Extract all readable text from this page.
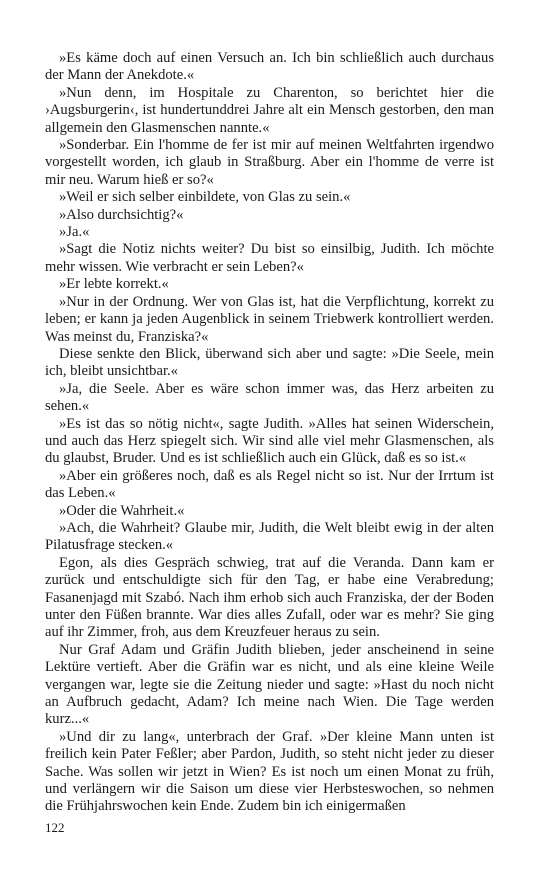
»Es käme doch auf einen Versuch an. Ich bin schließlich auch durchaus der Mann der Anekdote.«

»Nun denn, im Hospitale zu Charenton, so berichtet hier die ›Augsburgerin‹, ist hundertunddrei Jahre alt ein Mensch gestorben, den man allgemein den Glasmenschen nannte.«

»Sonderbar. Ein l'homme de fer ist mir auf meinen Weltfahrten irgendwo vorgestellt worden, ich glaub in Straßburg. Aber ein l'homme de verre ist mir neu. Warum hieß er so?«

»Weil er sich selber einbildete, von Glas zu sein.«

»Also durchsichtig?«

»Ja.«

»Sagt die Notiz nichts weiter? Du bist so einsilbig, Judith. Ich möchte mehr wissen. Wie verbracht er sein Leben?«

»Er lebte korrekt.«

»Nur in der Ordnung. Wer von Glas ist, hat die Verpflichtung, korrekt zu leben; er kann ja jeden Augenblick in seinem Triebwerk kontrolliert werden. Was meinst du, Franziska?«

Diese senkte den Blick, überwand sich aber und sagte: »Die Seele, mein ich, bleibt unsichtbar.«

»Ja, die Seele. Aber es wäre schon immer was, das Herz arbeiten zu sehen.«

»Es ist das so nötig nicht«, sagte Judith. »Alles hat seinen Widerschein, und auch das Herz spiegelt sich. Wir sind alle viel mehr Glasmenschen, als du glaubst, Bruder. Und es ist schließlich auch ein Glück, daß es so ist.«

»Aber ein größeres noch, daß es als Regel nicht so ist. Nur der Irrtum ist das Leben.«

»Oder die Wahrheit.«

»Ach, die Wahrheit? Glaube mir, Judith, die Welt bleibt ewig in der alten Pilatusfrage stecken.«

Egon, als dies Gespräch schwieg, trat auf die Veranda. Dann kam er zurück und entschuldigte sich für den Tag, er habe eine Verabredung; Fasanenjagd mit Szabó. Nach ihm erhob sich auch Franziska, der der Boden unter den Füßen brannte. War dies alles Zufall, oder war es mehr? Sie ging auf ihr Zimmer, froh, aus dem Kreuzfeuer heraus zu sein.

Nur Graf Adam und Gräfin Judith blieben, jeder anscheinend in seine Lektüre vertieft. Aber die Gräfin war es nicht, und als eine kleine Weile vergangen war, legte sie die Zeitung nieder und sagte: »Hast du noch nicht an Aufbruch gedacht, Adam? Ich meine nach Wien. Die Tage werden kurz...«

»Und dir zu lang«, unterbrach der Graf. »Der kleine Mann unten ist freilich kein Pater Feßler; aber Pardon, Judith, so steht nicht jeder zu dieser Sache. Was sollen wir jetzt in Wien? Es ist noch um einen Monat zu früh, und verlängern wir die Saison um diese vier Herbsteswochen, so nehmen die Frühjahrswochen kein Ende. Zudem bin ich einigermaßen

122
